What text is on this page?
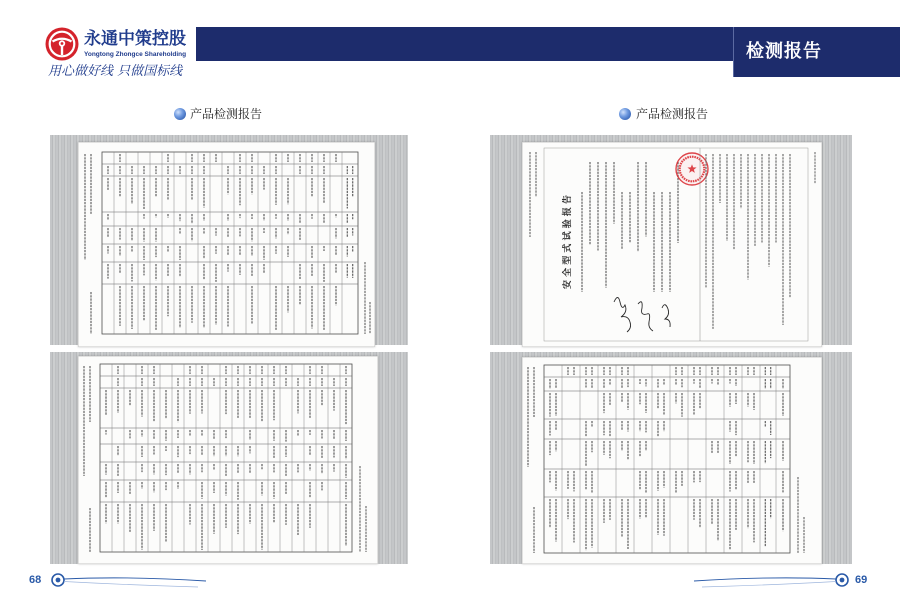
永通中策控股
Yongtong Zhongce Shareholding
用心做好线 只做国标线
检测报告
产品检测报告	产品检测报告
安 全 型 式 试 验 报 告
68	69
